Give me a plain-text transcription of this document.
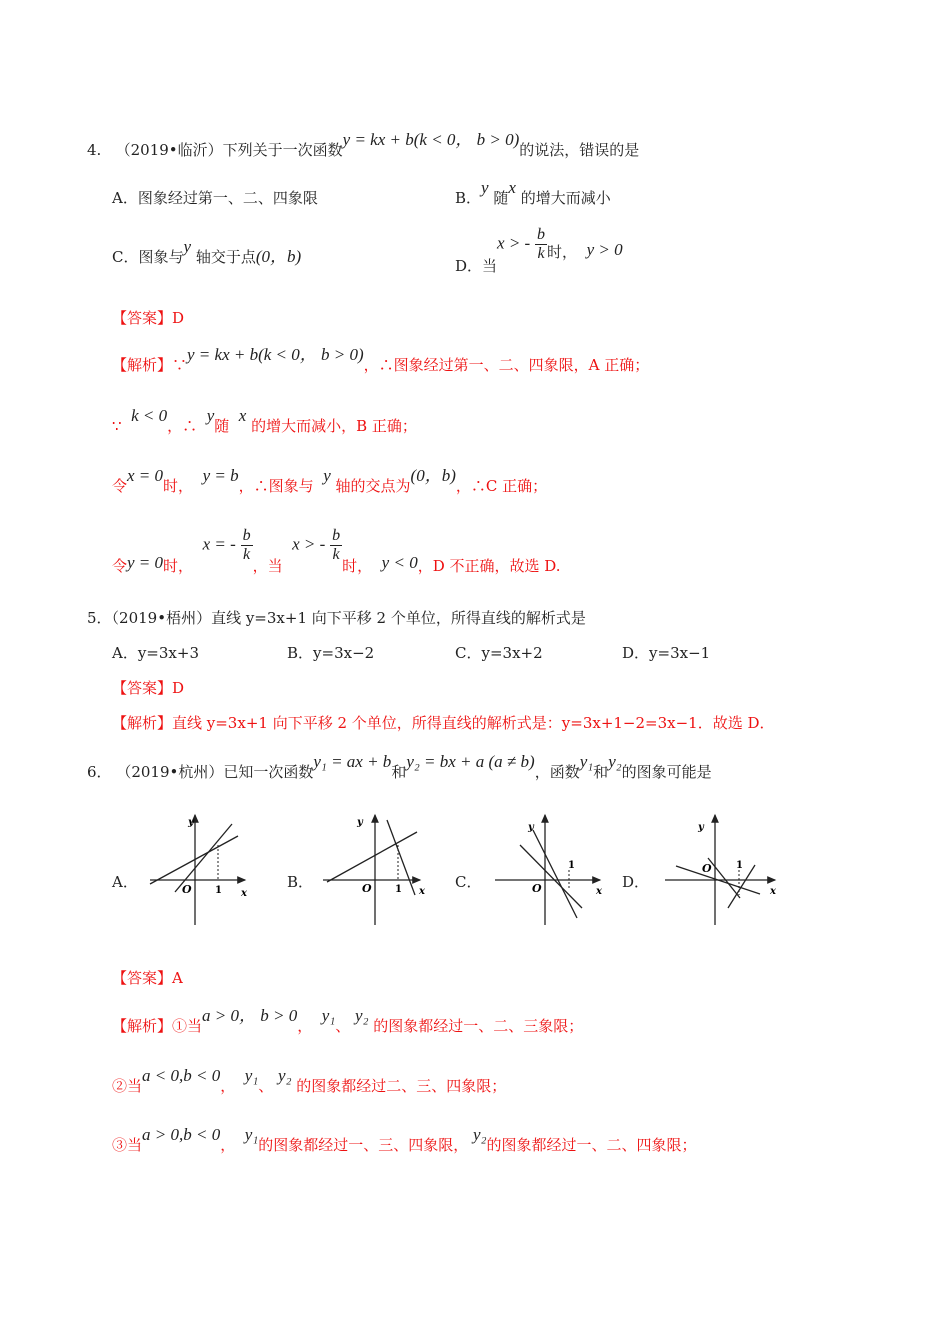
4. （2019•临沂）下列关于一次函数y = kx + b(k < 0， b > 0)的说法，错误的是
A．图象经过第一、二、四象限	B．y 随x 的增大而减小
C．图象与y 轴交于点(0，b)	D．当x > - $\frac{b}{k}$ 时， y > 0
【答案】D
【解析】∵y = kx + b(k < 0， b > 0)，∴图象经过第一、二、四象限，A 正确；
∵  k < 0，∴  y随  x 的增大而减小，B 正确；
令x = 0时，  y = b，∴图象与  y 轴的交点为(0，b)，∴C 正确；
令y = 0时，  x = - $\frac{b}{k}$
，当  x > - $\frac{b}{k}$
时， y < 0，D 不正确，故选 D.
5．（2019•梧州）直线 y=3x+1 向下平移 2 个单位，所得直线的解析式是
A．y=3x+3	B．y=3x−2	C．y=3x+2	D．y=3x−1
【答案】D
【解析】直线 y=3x+1 向下平移 2 个单位，所得直线的解析式是：y=3x+1−2=3x−1．故选 D．
6． （2019•杭州）已知一次函数y₁ = ax + b和y₂ = bx + a (a ≠ b)，函数y₁和y₂的图象可能是
A．	B．	C．	D．
y
x
O 1
y
x
O 1
y
x
O
1
y
x
O 1
【答案】A
【解析】①当a > 0， b > 0，  y₁、 y₂ 的图象都经过一、二、三象限；
②当a < 0,b < 0，  y₁、 y₂ 的图象都经过二、三、四象限；
③当a > 0,b < 0，  y₁的图象都经过一、三、四象限， y₂的图象都经过一、二、四象限；
